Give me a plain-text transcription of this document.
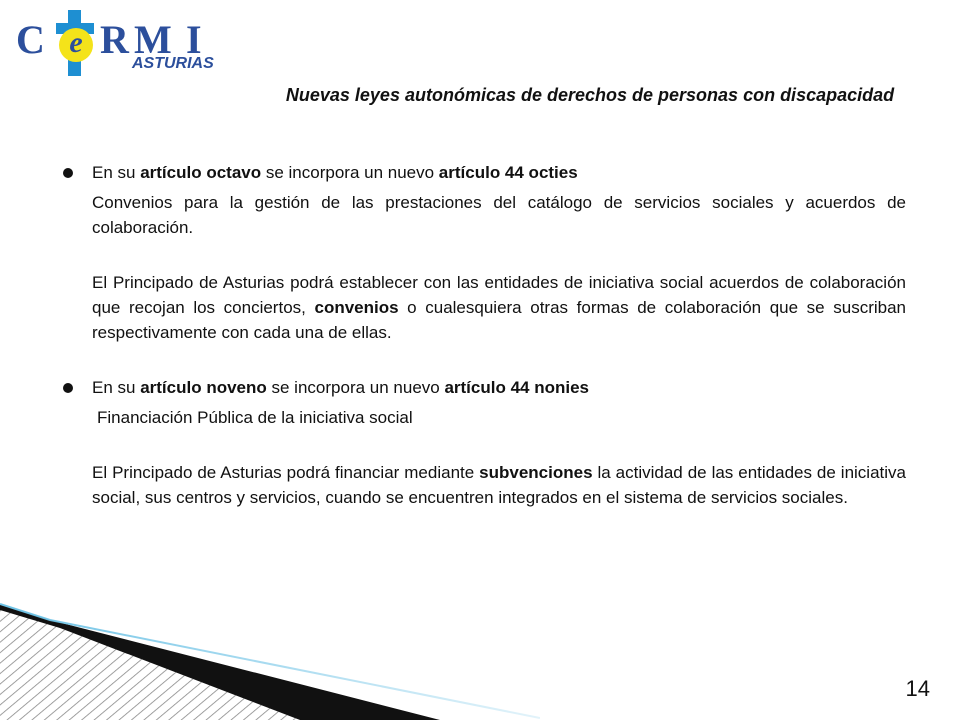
C e R M I
ASTURIAS
Nuevas leyes autonómicas de derechos de personas con discapacidad

En su artículo octavo se incorpora un nuevo artículo 44 octies

Convenios para la gestión de las prestaciones del catálogo de servicios sociales y acuerdos de colaboración.

El Principado de Asturias podrá establecer con las entidades de iniciativa social acuerdos de colaboración que recojan los conciertos, convenios o cualesquiera otras formas de colaboración que se suscriban respectivamente con cada una de ellas.

En su artículo noveno se incorpora un nuevo artículo 44 nonies

Financiación Pública de la iniciativa social

El Principado de Asturias podrá financiar mediante subvenciones la actividad de las entidades de iniciativa social, sus centros y servicios, cuando se encuentren integrados en el sistema de servicios sociales.

14
